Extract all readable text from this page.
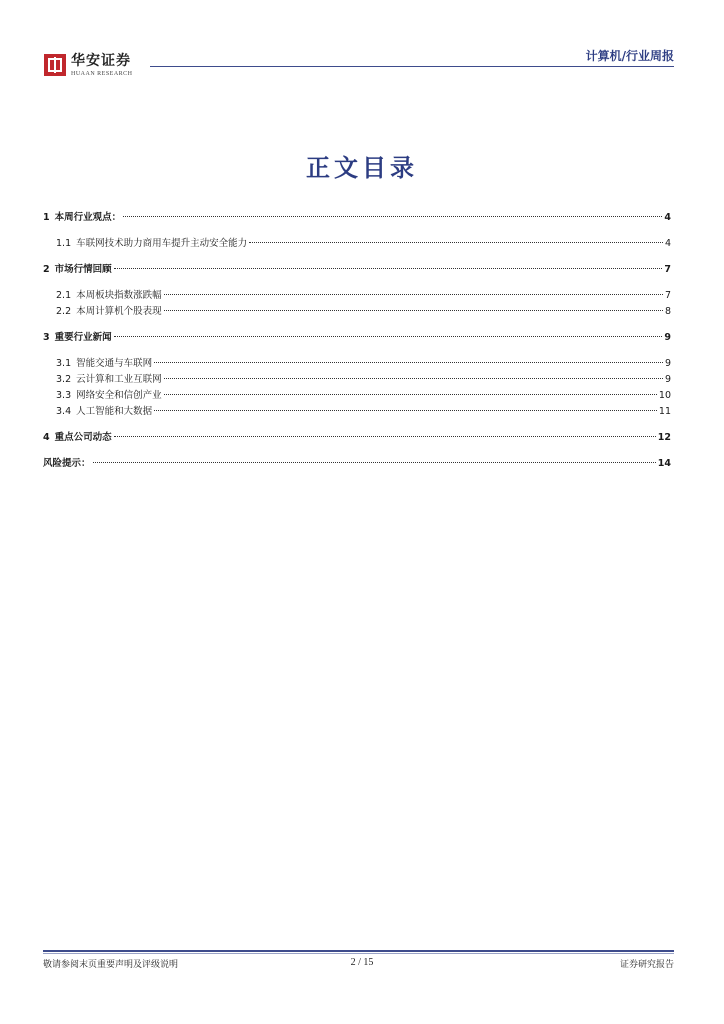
华安证券
HUAAN RESEARCH
计算机/行业周报
正文目录
1 本周行业观点：	4
1.1 车联网技术助力商用车提升主动安全能力	4
2 市场行情回顾	7
2.1 本周板块指数涨跌幅	7
2.2 本周计算机个股表现	8
3 重要行业新闻	9
3.1 智能交通与车联网	9
3.2 云计算和工业互联网	9
3.3 网络安全和信创产业	10
3.4 人工智能和大数据	11
4 重点公司动态	12
风险提示：	14
敬请参阅末页重要声明及评级说明	2 / 15	证券研究报告
